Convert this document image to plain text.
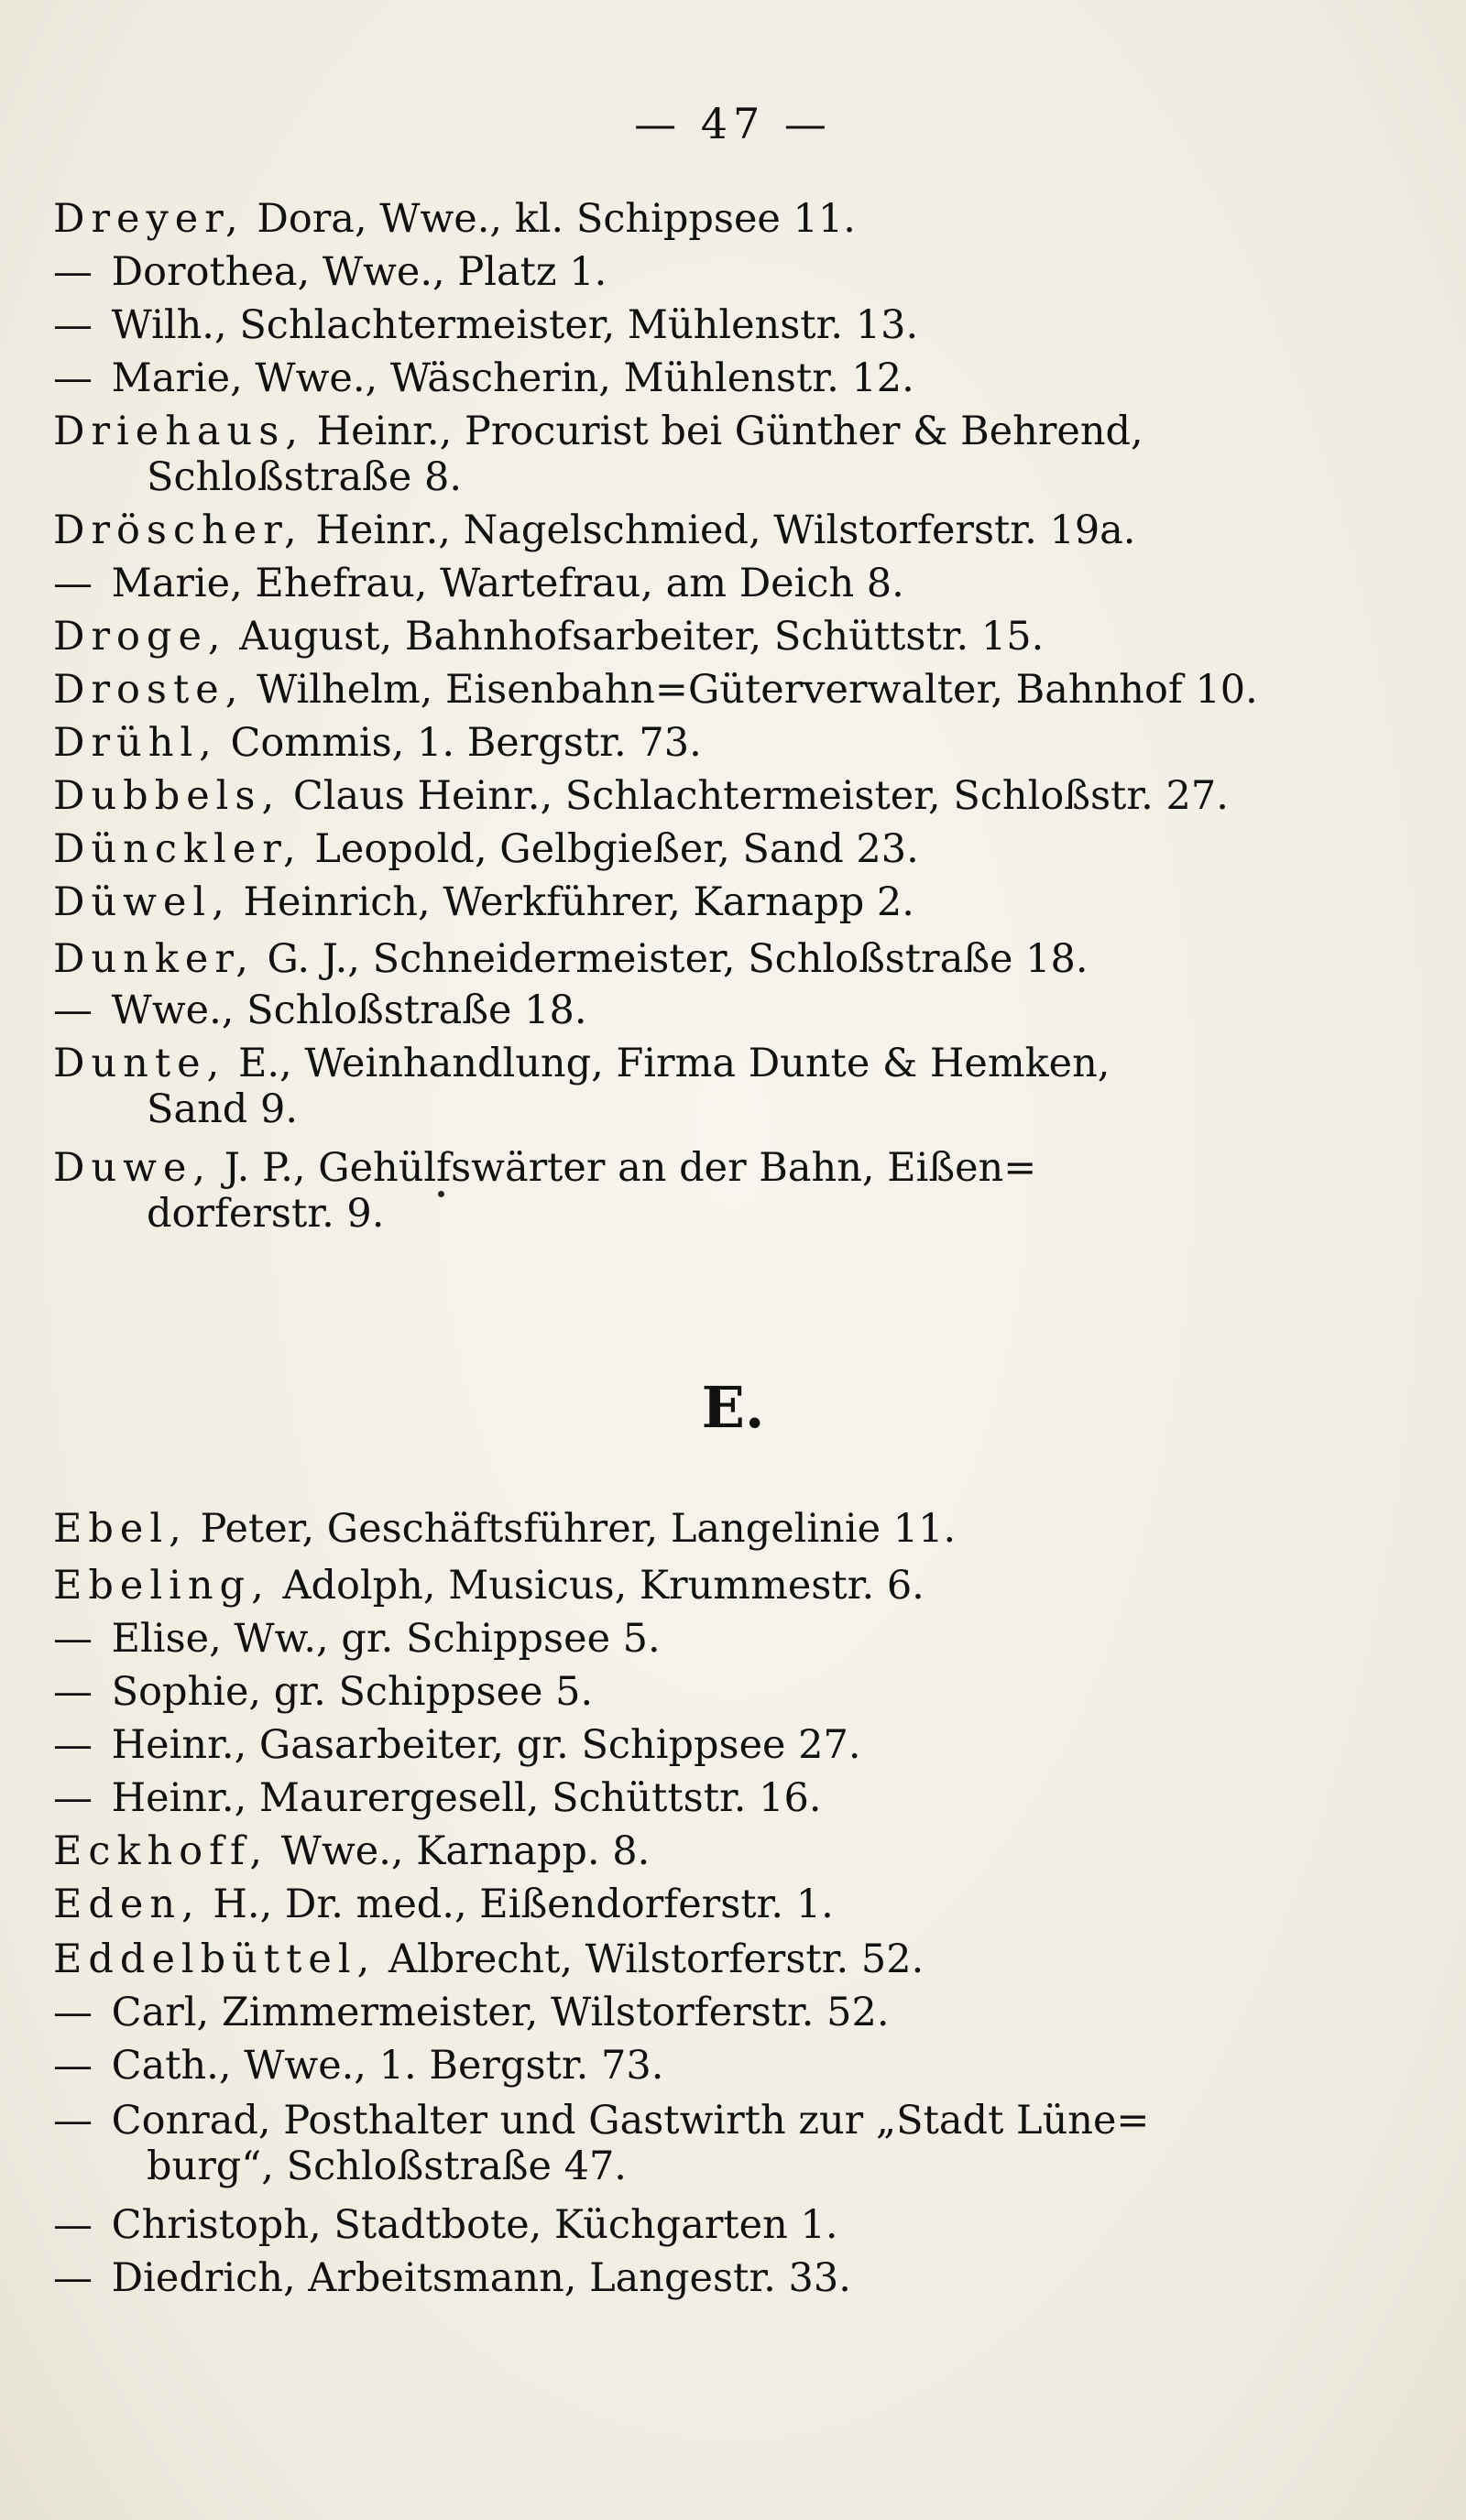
— 47 —
Dreyer, Dora, Wwe., kl. Schippsee 11.
— Dorothea, Wwe., Platz 1.
— Wilh., Schlachtermeister, Mühlenstr. 13.
— Marie, Wwe., Wäscherin, Mühlenstr. 12.
Driehaus, Heinr., Procurist bei Günther & Behrend,
Schloßstraße 8.
Dröscher, Heinr., Nagelschmied, Wilstorferstr. 19a.
— Marie, Ehefrau, Wartefrau, am Deich 8.
Droge, August, Bahnhofsarbeiter, Schüttstr. 15.
Droste, Wilhelm, Eisenbahn=Güterverwalter, Bahnhof 10.
Drühl, Commis, 1. Bergstr. 73.
Dubbels, Claus Heinr., Schlachtermeister, Schloßstr. 27.
Dünckler, Leopold, Gelbgießer, Sand 23.
Düwel, Heinrich, Werkführer, Karnapp 2.
Dunker, G. J., Schneidermeister, Schloßstraße 18.
— Wwe., Schloßstraße 18.
Dunte, E., Weinhandlung, Firma Dunte & Hemken,
Sand 9.
Duwe, J. P., Gehülfswärter an der Bahn, Eißen=
dorferstr. 9.
E.
Ebel, Peter, Geschäftsführer, Langelinie 11.
Ebeling, Adolph, Musicus, Krummestr. 6.
— Elise, Ww., gr. Schippsee 5.
— Sophie, gr. Schippsee 5.
— Heinr., Gasarbeiter, gr. Schippsee 27.
— Heinr., Maurergesell, Schüttstr. 16.
Eckhoff, Wwe., Karnapp. 8.
Eden, H., Dr. med., Eißendorferstr. 1.
Eddelbüttel, Albrecht, Wilstorferstr. 52.
— Carl, Zimmermeister, Wilstorferstr. 52.
— Cath., Wwe., 1. Bergstr. 73.
— Conrad, Posthalter und Gastwirth zur „Stadt Lüne=
burg“, Schloßstraße 47.
— Christoph, Stadtbote, Küchgarten 1.
— Diedrich, Arbeitsmann, Langestr. 33.
